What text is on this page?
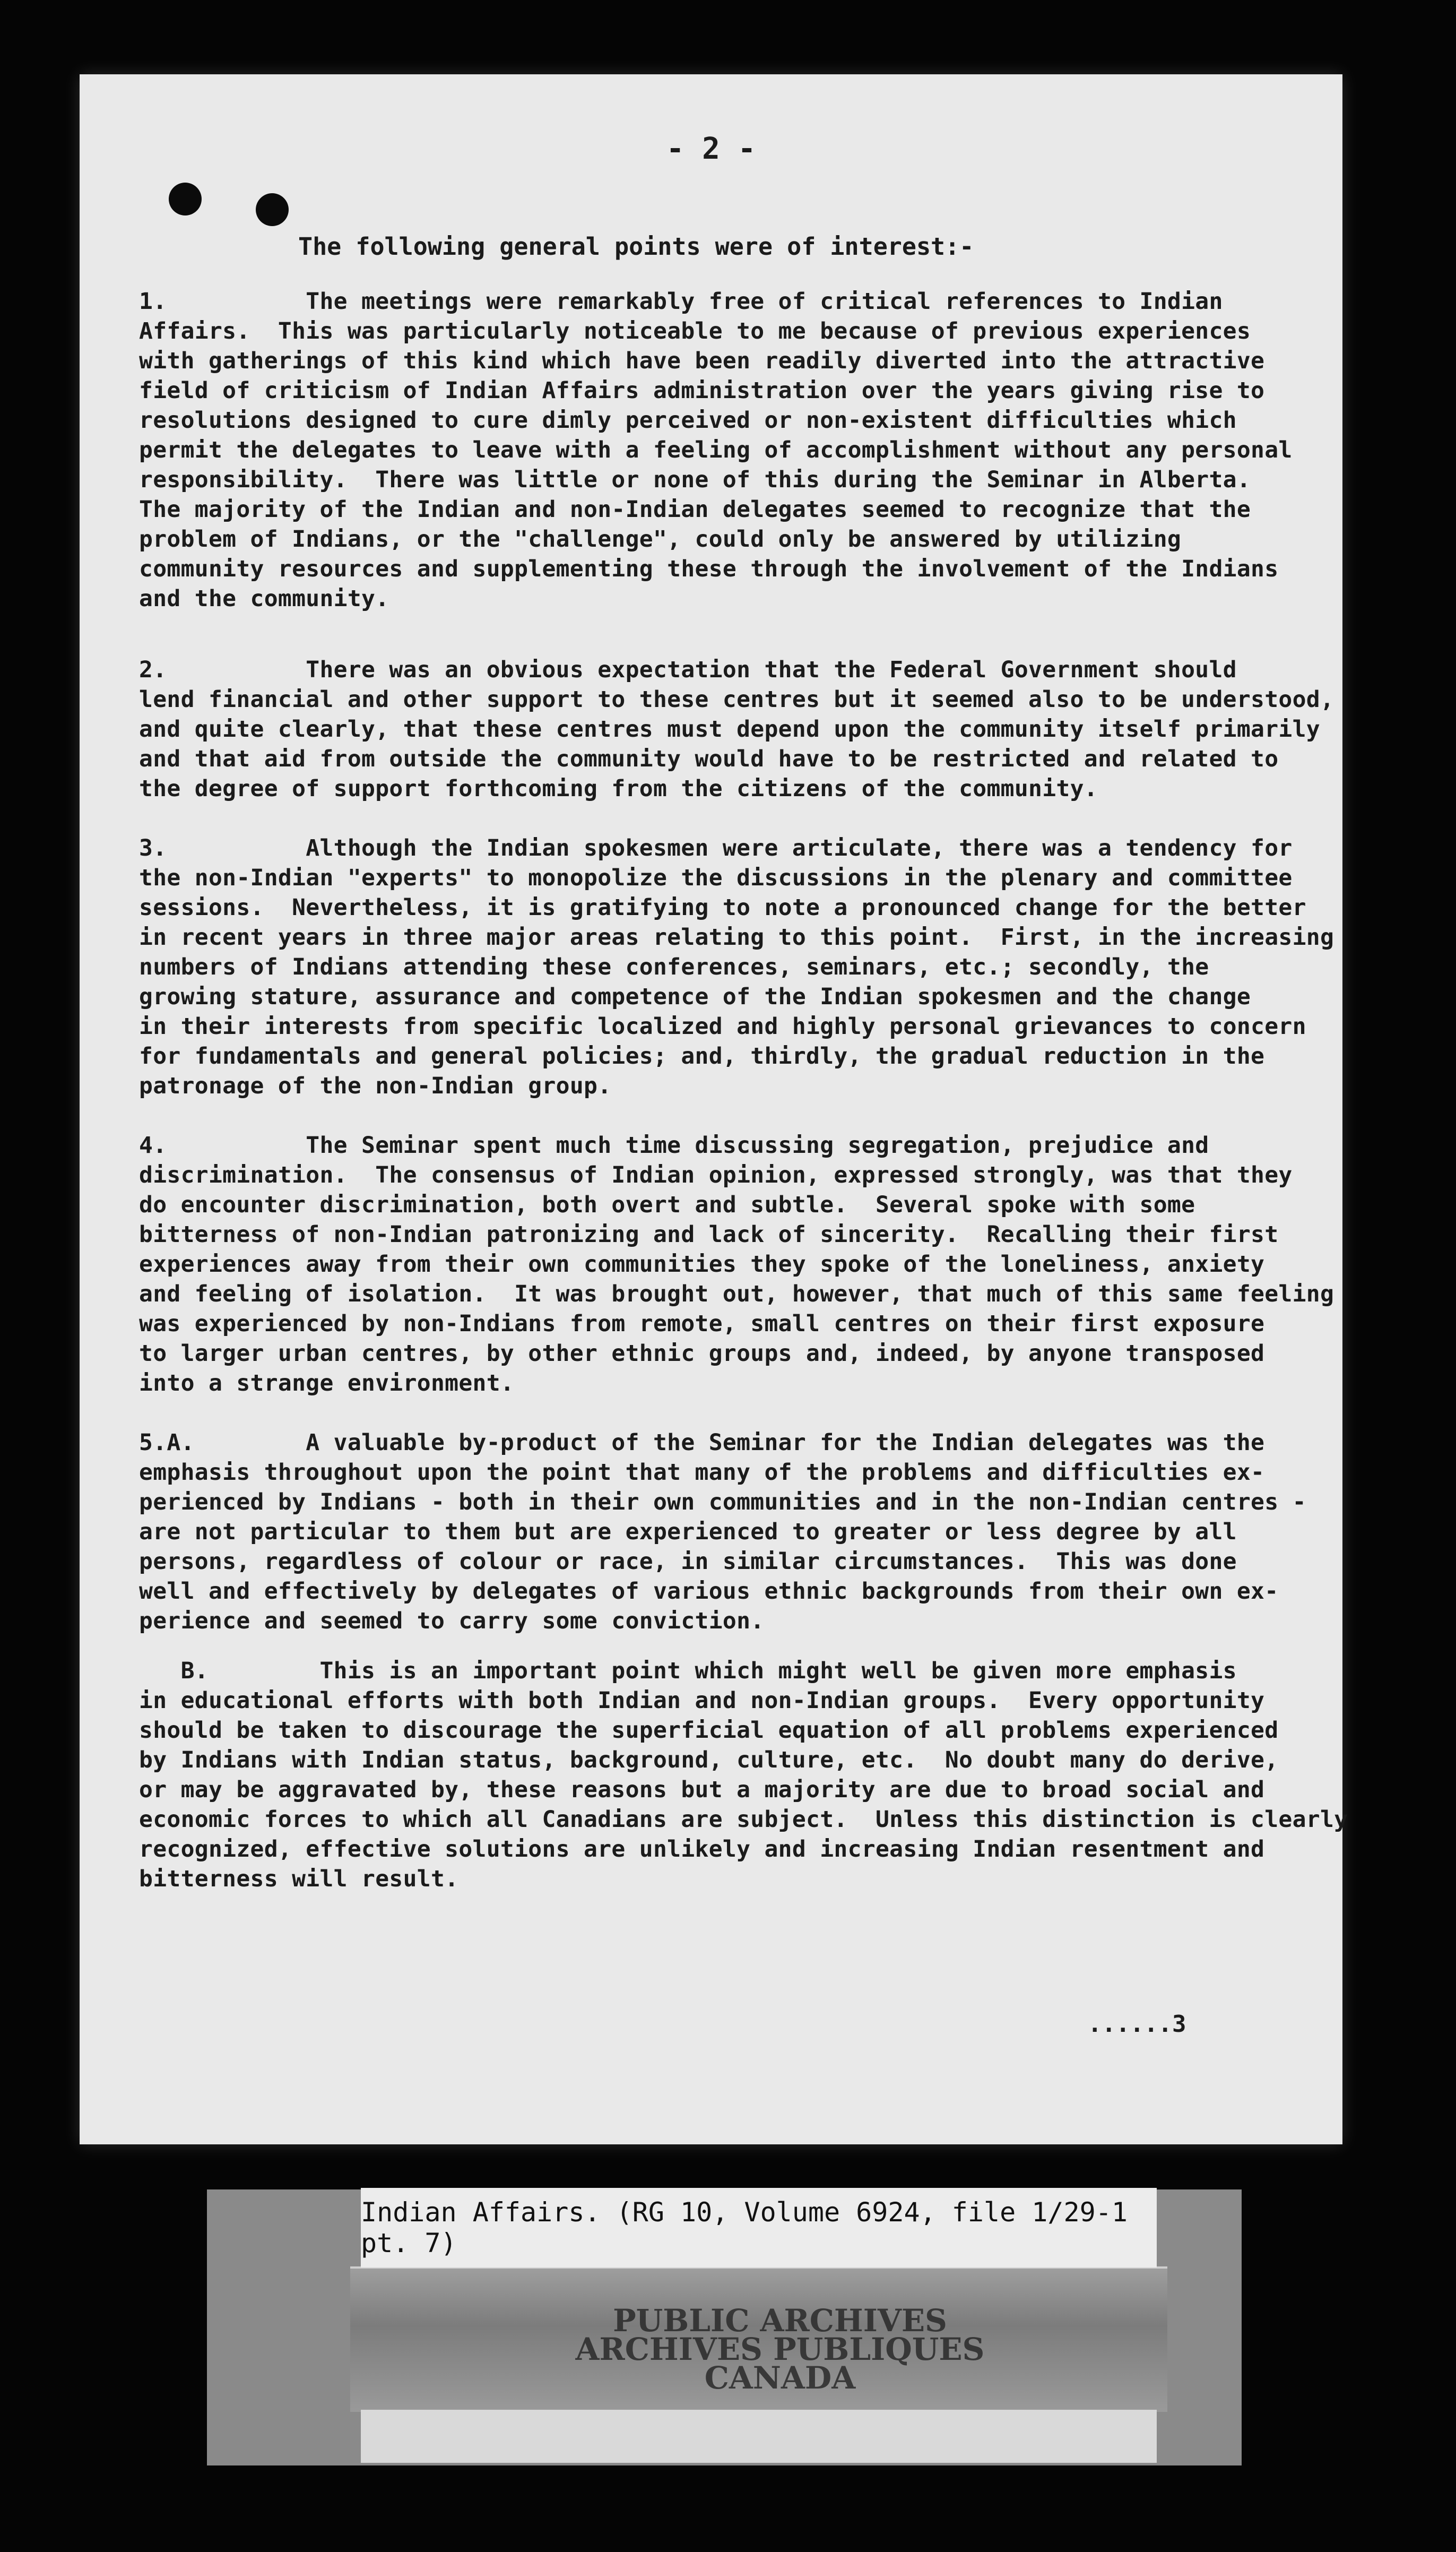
- 2 -
The following general points were of interest:-
1.          The meetings were remarkably free of critical references to Indian
Affairs.  This was particularly noticeable to me because of previous experiences
with gatherings of this kind which have been readily diverted into the attractive
field of criticism of Indian Affairs administration over the years giving rise to
resolutions designed to cure dimly perceived or non-existent difficulties which
permit the delegates to leave with a feeling of accomplishment without any personal
responsibility.  There was little or none of this during the Seminar in Alberta.
The majority of the Indian and non-Indian delegates seemed to recognize that the
problem of Indians, or the "challenge", could only be answered by utilizing
community resources and supplementing these through the involvement of the Indians
and the community.
2.          There was an obvious expectation that the Federal Government should
lend financial and other support to these centres but it seemed also to be understood,
and quite clearly, that these centres must depend upon the community itself primarily
and that aid from outside the community would have to be restricted and related to
the degree of support forthcoming from the citizens of the community.
3.          Although the Indian spokesmen were articulate, there was a tendency for
the non-Indian "experts" to monopolize the discussions in the plenary and committee
sessions.  Nevertheless, it is gratifying to note a pronounced change for the better
in recent years in three major areas relating to this point.  First, in the increasing
numbers of Indians attending these conferences, seminars, etc.; secondly, the
growing stature, assurance and competence of the Indian spokesmen and the change
in their interests from specific localized and highly personal grievances to concern
for fundamentals and general policies; and, thirdly, the gradual reduction in the
patronage of the non-Indian group.
4.          The Seminar spent much time discussing segregation, prejudice and
discrimination.  The consensus of Indian opinion, expressed strongly, was that they
do encounter discrimination, both overt and subtle.  Several spoke with some
bitterness of non-Indian patronizing and lack of sincerity.  Recalling their first
experiences away from their own communities they spoke of the loneliness, anxiety
and feeling of isolation.  It was brought out, however, that much of this same feeling
was experienced by non-Indians from remote, small centres on their first exposure
to larger urban centres, by other ethnic groups and, indeed, by anyone transposed
into a strange environment.
5.A.        A valuable by-product of the Seminar for the Indian delegates was the
emphasis throughout upon the point that many of the problems and difficulties ex-
perienced by Indians - both in their own communities and in the non-Indian centres -
are not particular to them but are experienced to greater or less degree by all
persons, regardless of colour or race, in similar circumstances.  This was done
well and effectively by delegates of various ethnic backgrounds from their own ex-
perience and seemed to carry some conviction.
B.        This is an important point which might well be given more emphasis
in educational efforts with both Indian and non-Indian groups.  Every opportunity
should be taken to discourage the superficial equation of all problems experienced
by Indians with Indian status, background, culture, etc.  No doubt many do derive,
or may be aggravated by, these reasons but a majority are due to broad social and
economic forces to which all Canadians are subject.  Unless this distinction is clearly
recognized, effective solutions are unlikely and increasing Indian resentment and
bitterness will result.
......3
Indian Affairs. (RG 10, Volume 6924, file 1/29-1 pt. 7)
PUBLIC ARCHIVES
ARCHIVES PUBLIQUES
CANADA
